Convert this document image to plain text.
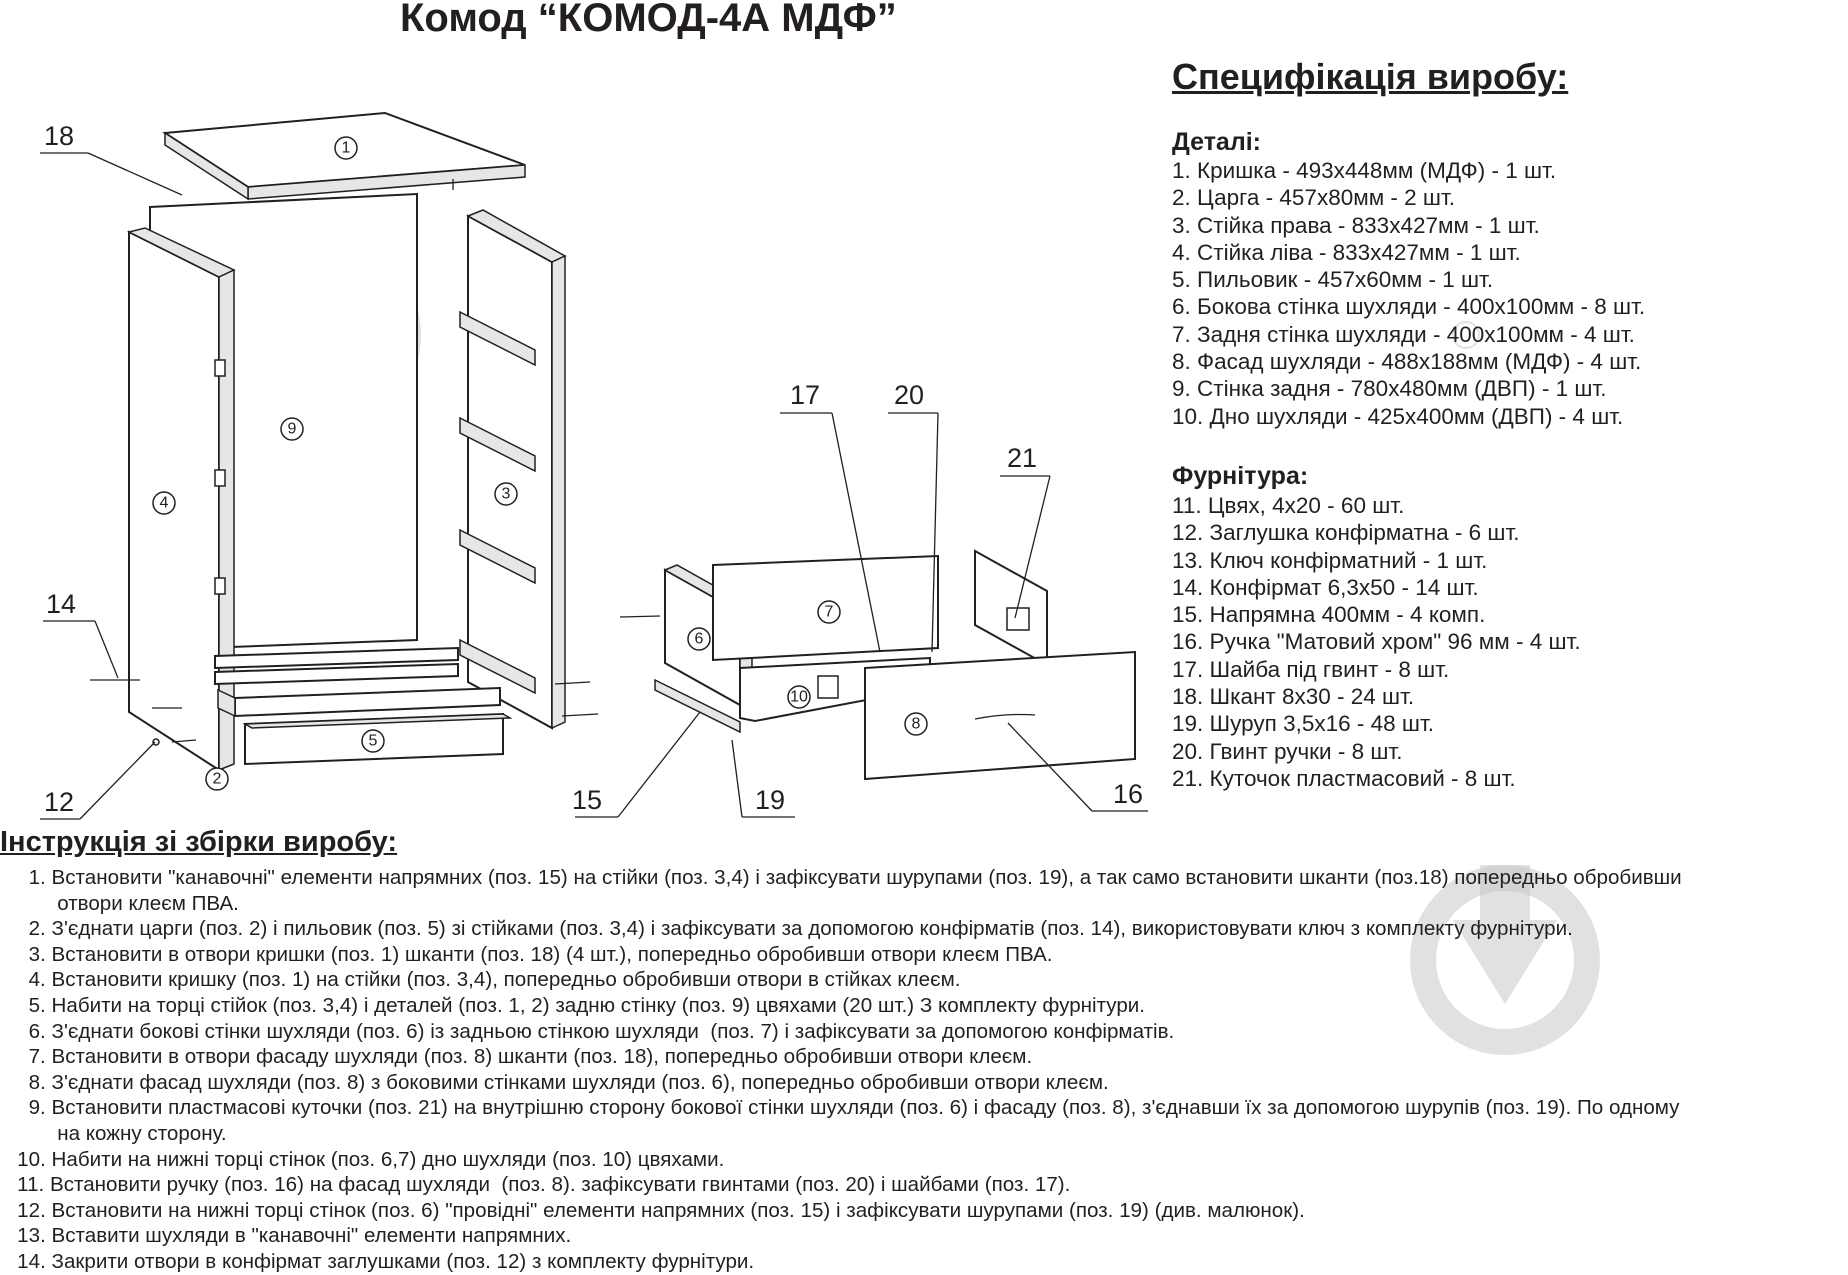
18
14
12
17	20
21
15	19	16
1
9
4
3
2
5
7
6
10
8
Комод “КОМОД-4А МДФ”
Специфікація виробу:
Деталі:
1. Кришка - 493х448мм (МДФ) - 1 шт.
2. Царга - 457х80мм - 2 шт.
3. Стійка права - 833х427мм - 1 шт.
4. Стійка ліва - 833х427мм - 1 шт.
5. Пильовик - 457х60мм - 1 шт.
6. Бокова стінка шухляди - 400х100мм - 8 шт.
7. Задня стінка шухляди - 400х100мм - 4 шт.
8. Фасад шухляди - 488х188мм (МДФ) - 4 шт.
9. Стінка задня - 780х480мм (ДВП) - 1 шт.
10. Дно шухляди - 425х400мм (ДВП) - 4 шт.
Фурнітура:
11. Цвях, 4х20 - 60 шт.
12. Заглушка конфірматна - 6 шт.
13. Ключ конфірматний - 1 шт.
14. Конфірмат 6,3х50 - 14 шт.
15. Напрямна 400мм - 4 комп.
16. Ручка "Матовий хром" 96 мм - 4 шт.
17. Шайба під гвинт - 8 шт.
18. Шкант 8х30 - 24 шт.
19. Шуруп 3,5х16 - 48 шт.
20. Гвинт ручки - 8 шт.
21. Куточок пластмасовий - 8 шт.
Інструкція зі збірки виробу:
1. Встановити "канавочні" елементи напрямних (поз. 15) на стійки (поз. 3,4) і зафіксувати шурупами (поз. 19), а так само встановити шканти (поз.18) попередньо обробивши
отвори клеєм ПВА.
2. З'єднати царги (поз. 2) і пильовик (поз. 5) зі стійками (поз. 3,4) і зафіксувати за допомогою конфірматів (поз. 14), використовувати ключ з комплекту фурнітури.
3. Встановити в отвори кришки (поз. 1) шканти (поз. 18) (4 шт.), попередньо обробивши отвори клеєм ПВА.
4. Встановити кришку (поз. 1) на стійки (поз. 3,4), попередньо обробивши отвори в стійках клеєм.
5. Набити на торці стійок (поз. 3,4) і деталей (поз. 1, 2) задню стінку (поз. 9) цвяхами (20 шт.) З комплекту фурнітури.
6. З'єднати бокові стінки шухляди (поз. 6) із задньою стінкою шухляди  (поз. 7) і зафіксувати за допомогою конфірматів.
7. Встановити в отвори фасаду шухляди (поз. 8) шканти (поз. 18), попередньо обробивши отвори клеєм.
8. З'єднати фасад шухляди (поз. 8) з боковими стінками шухляди (поз. 6), попередньо обробивши отвори клеєм.
9. Встановити пластмасові куточки (поз. 21) на внутрішню сторону бокової стінки шухляди (поз. 6) і фасаду (поз. 8), з'єднавши їх за допомогою шурупів (поз. 19). По одному
на кожну сторону.
10. Набити на нижні торці стінок (поз. 6,7) дно шухляди (поз. 10) цвяхами.
11. Встановити ручку (поз. 16) на фасад шухляди  (поз. 8). зафіксувати гвинтами (поз. 20) і шайбами (поз. 17).
12. Встановити на нижні торці стінок (поз. 6) "провідні" елементи напрямних (поз. 15) і зафіксувати шурупами (поз. 19) (див. малюнок).
13. Вставити шухляди в "канавочні" елементи напрямних.
14. Закрити отвори в конфірмат заглушками (поз. 12) з комплекту фурнітури.
